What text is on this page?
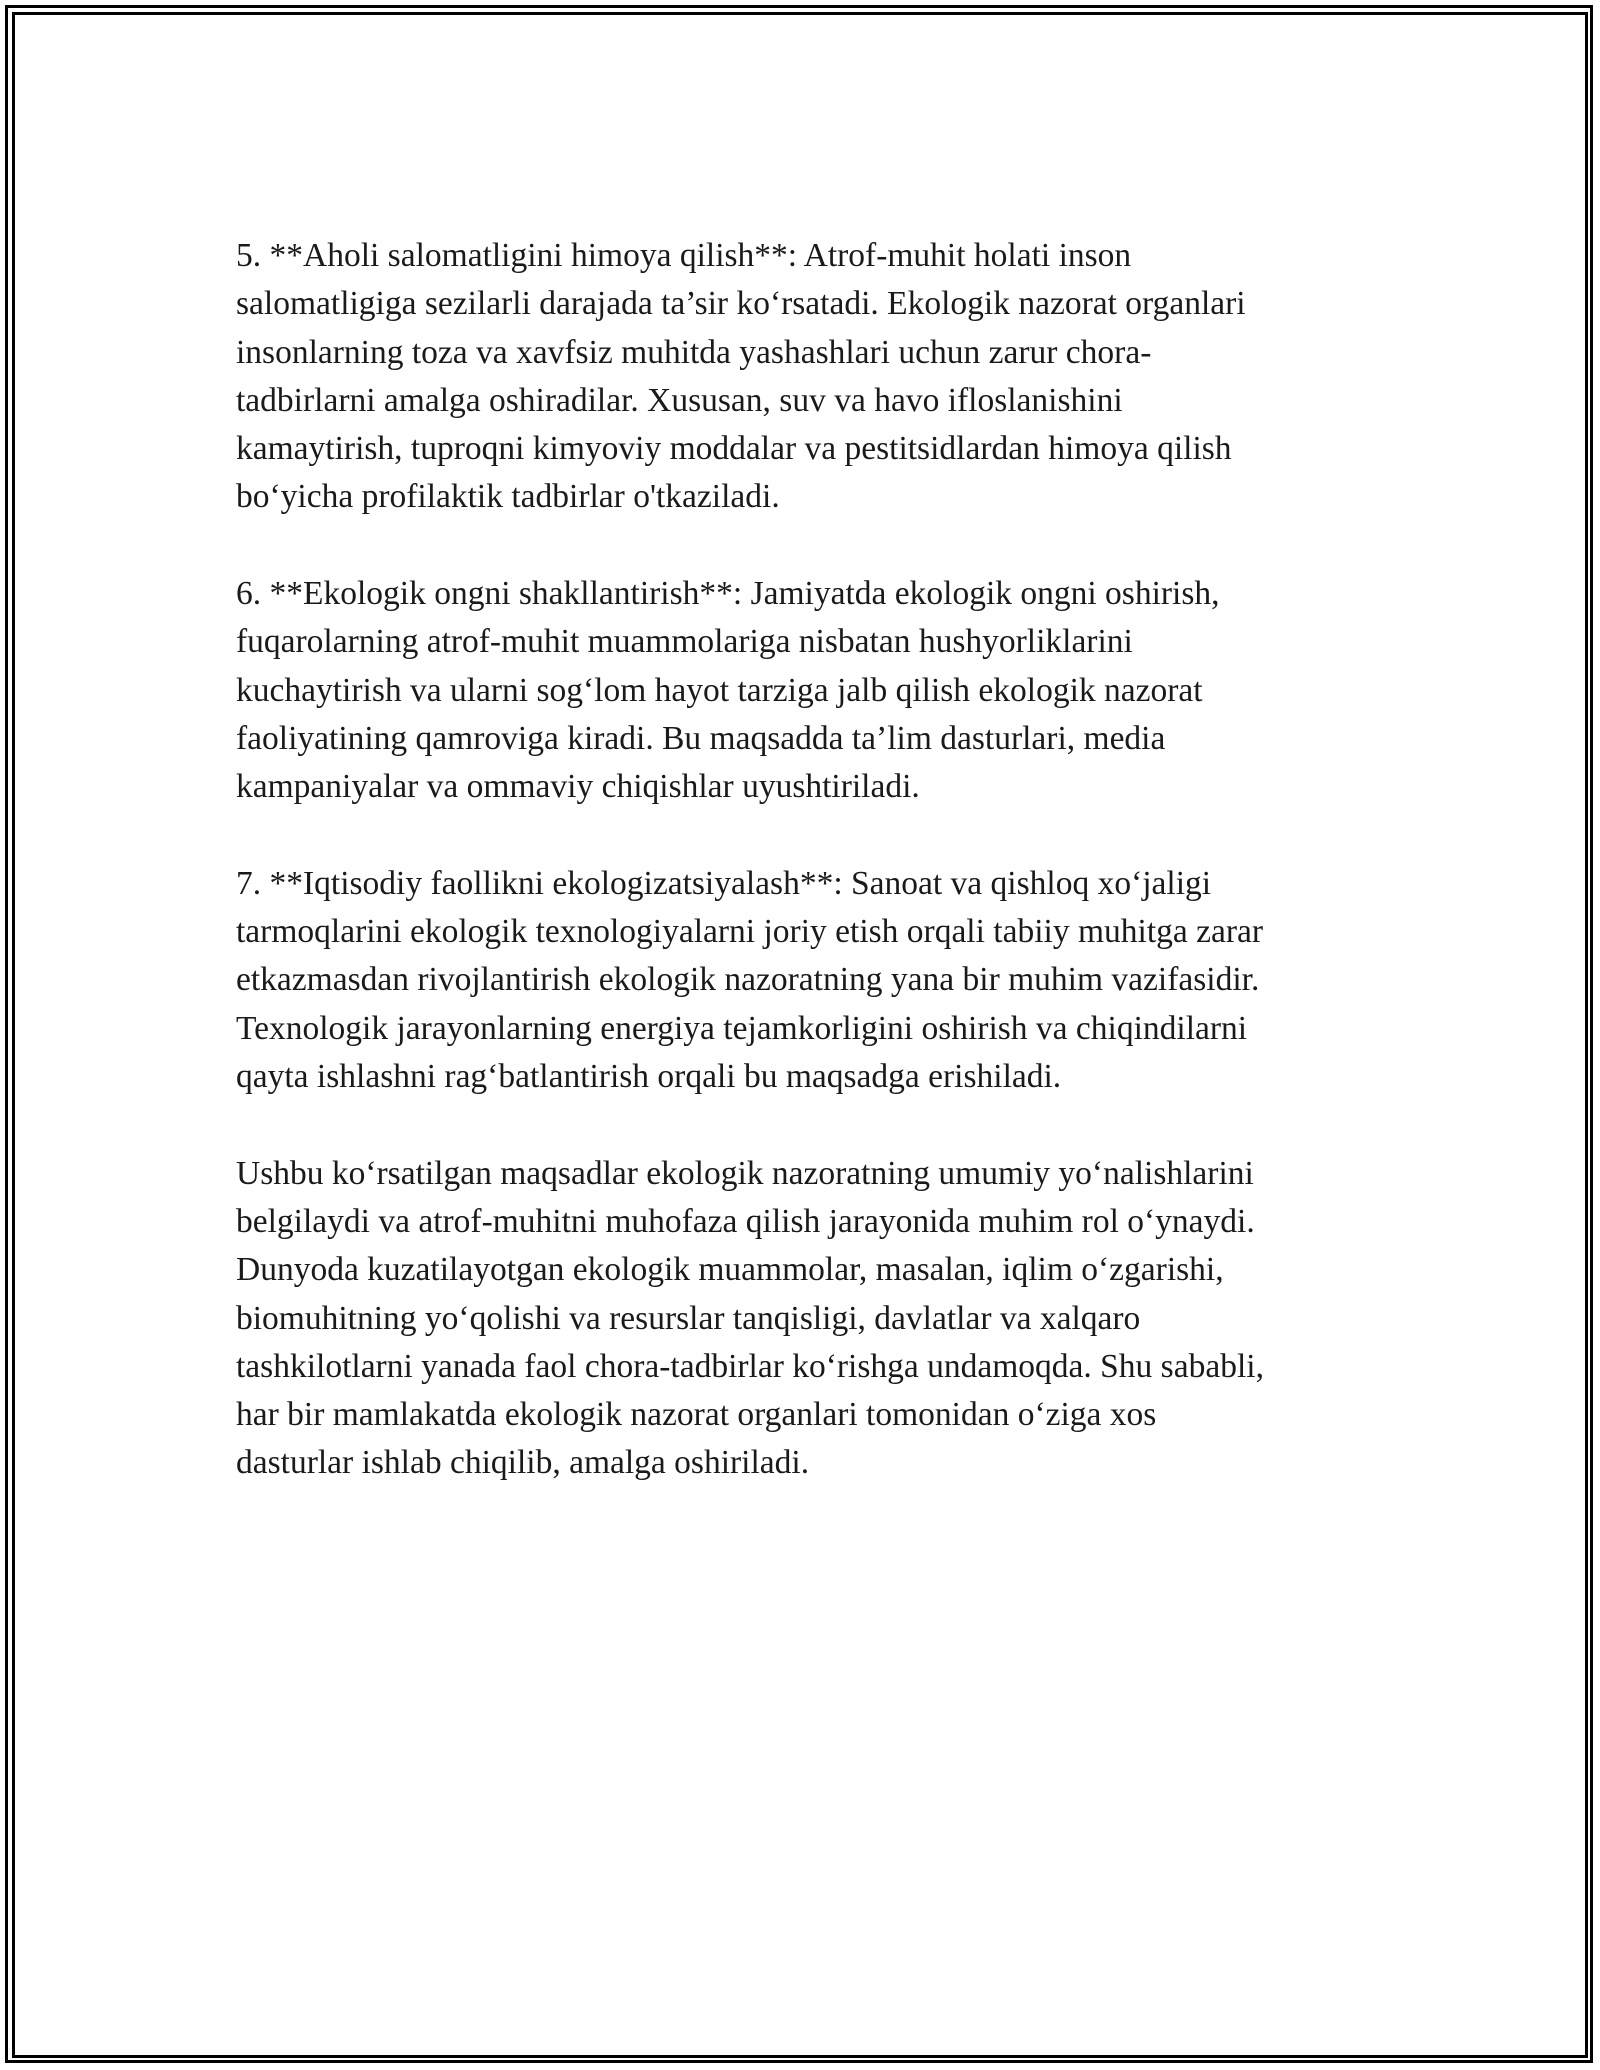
5. **Aholi salomatligini himoya qilish**: Atrof-muhit holati inson
salomatligiga sezilarli darajada ta’sir ko‘rsatadi. Ekologik nazorat organlari
insonlarning toza va xavfsiz muhitda yashashlari uchun zarur chora-
tadbirlarni amalga oshiradilar. Xususan, suv va havo ifloslanishini
kamaytirish, tuproqni kimyoviy moddalar va pestitsidlardan himoya qilish
bo‘yicha profilaktik tadbirlar o'tkaziladi.

6. **Ekologik ongni shakllantirish**: Jamiyatda ekologik ongni oshirish,
fuqarolarning atrof-muhit muammolariga nisbatan hushyorliklarini
kuchaytirish va ularni sog‘lom hayot tarziga jalb qilish ekologik nazorat
faoliyatining qamroviga kiradi. Bu maqsadda ta’lim dasturlari, media
kampaniyalar va ommaviy chiqishlar uyushtiriladi.

7. **Iqtisodiy faollikni ekologizatsiyalash**: Sanoat va qishloq xo‘jaligi
tarmoqlarini ekologik texnologiyalarni joriy etish orqali tabiiy muhitga zarar
etkazmasdan rivojlantirish ekologik nazoratning yana bir muhim vazifasidir.
Texnologik jarayonlarning energiya tejamkorligini oshirish va chiqindilarni
qayta ishlashni rag‘batlantirish orqali bu maqsadga erishiladi.

Ushbu ko‘rsatilgan maqsadlar ekologik nazoratning umumiy yo‘nalishlarini
belgilaydi va atrof-muhitni muhofaza qilish jarayonida muhim rol o‘ynaydi.
Dunyoda kuzatilayotgan ekologik muammolar, masalan, iqlim o‘zgarishi,
biomuhitning yo‘qolishi va resurslar tanqisligi, davlatlar va xalqaro
tashkilotlarni yanada faol chora-tadbirlar ko‘rishga undamoqda. Shu sababli,
har bir mamlakatda ekologik nazorat organlari tomonidan o‘ziga xos
dasturlar ishlab chiqilib, amalga oshiriladi.
